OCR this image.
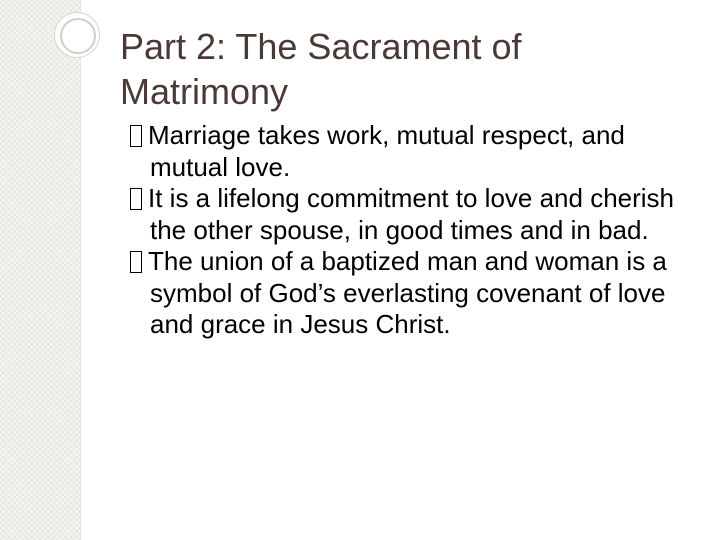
Part 2: The Sacrament of Matrimony
Marriage takes work, mutual respect, and mutual love.
It is a lifelong commitment to love and cherish the other spouse, in good times and in bad.
The union of a baptized man and woman is a symbol of God’s everlasting covenant of love and grace in Jesus Christ.
